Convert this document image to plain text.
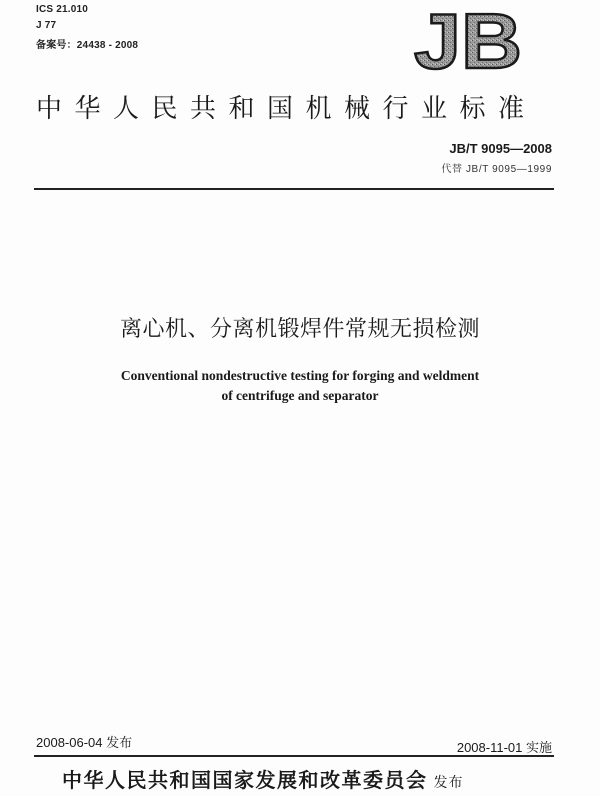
ICS 21.010
J 77
备案号：24438 - 2008	JB
中华人民共和国机械行业标准
JB/T 9095—2008
代替 JB/T 9095—1999
离心机、分离机锻焊件常规无损检测
Conventional nondestructive testing for forging and weldment
of centrifuge and separator
2008-06-04 发布	2008-11-01 实施
中华人民共和国国家发展和改革委员会 发布
